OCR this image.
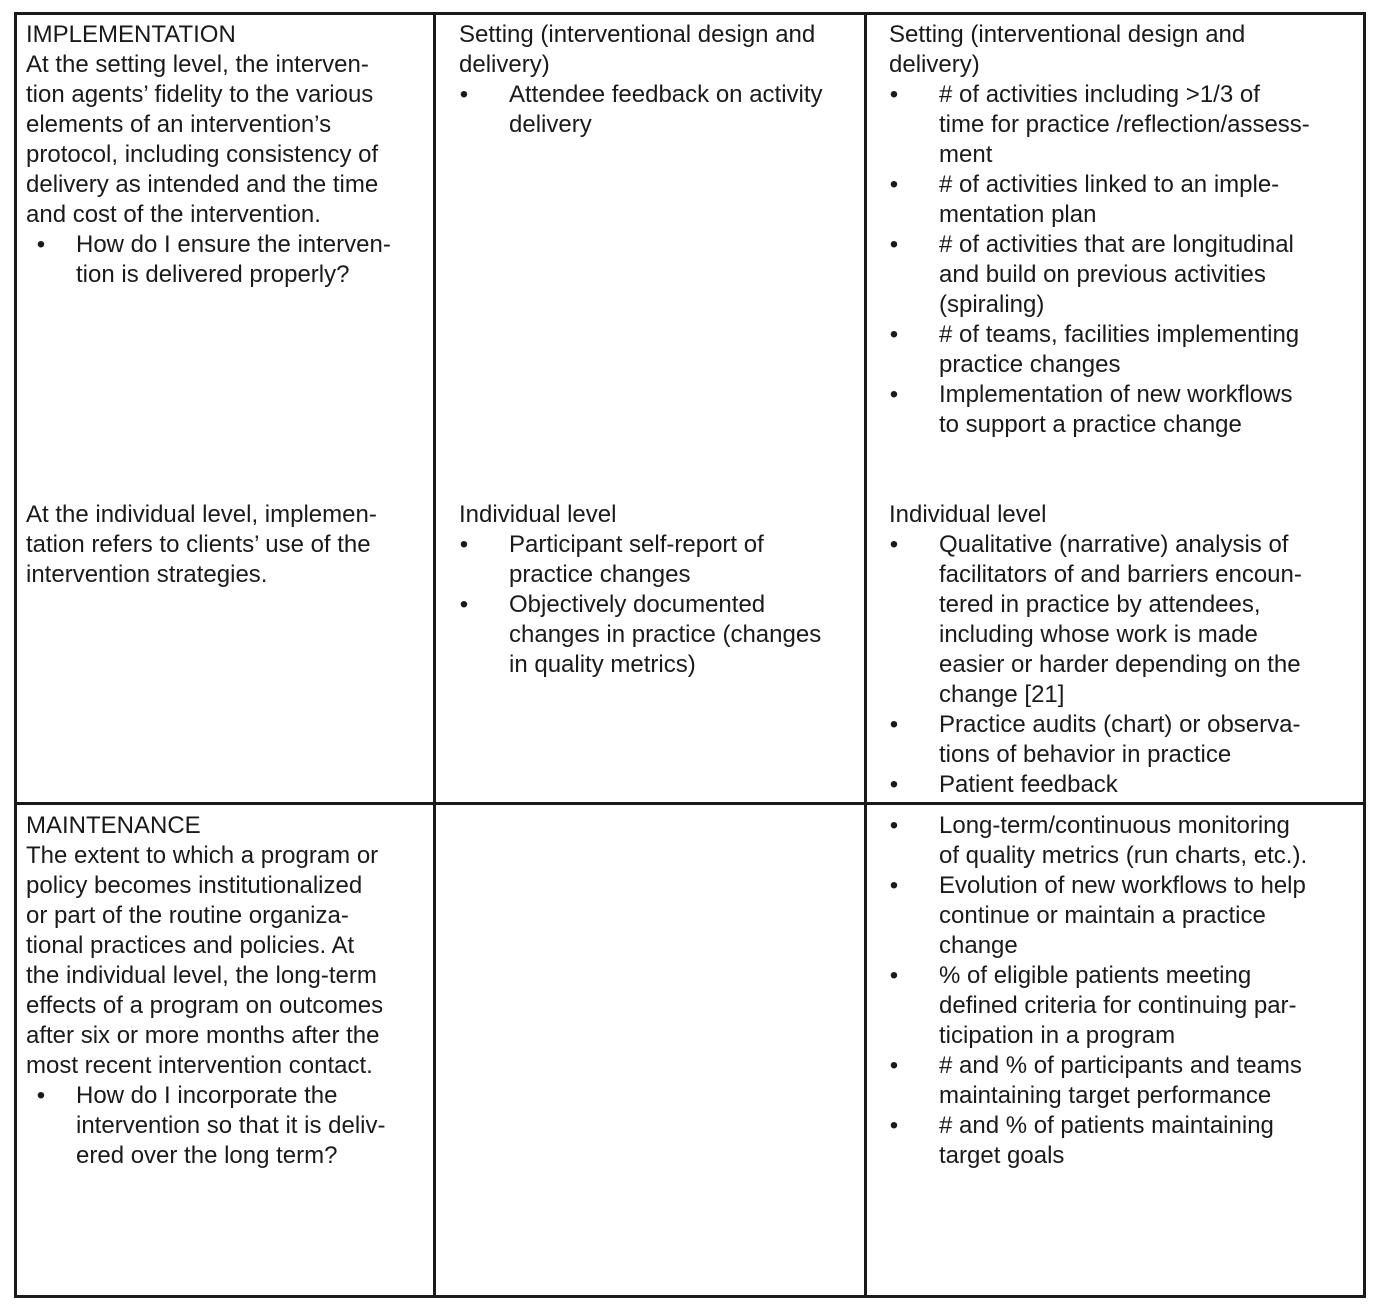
IMPLEMENTATION

At the setting level, the interven-

tion agents’ fidelity to the various

elements of an intervention’s

protocol, including consistency of

delivery as intended and the time

and cost of the intervention.

• How do I ensure the interven-

tion is delivered properly?

At the individual level, implemen-

tation refers to clients’ use of the

intervention strategies.

Setting (interventional design and

delivery)

• Attendee feedback on activity

delivery

Individual level

• Participant self-report of

practice changes

• Objectively documented

changes in practice (changes

in quality metrics)

Setting (interventional design and

delivery)

• # of activities including >1/3 of

time for practice /reflection/assess-

ment

• # of activities linked to an imple-

mentation plan

• # of activities that are longitudinal

and build on previous activities

(spiraling)

• # of teams, facilities implementing

practice changes

• Implementation of new workflows

to support a practice change

Individual level

• Qualitative (narrative) analysis of

facilitators of and barriers encoun-

tered in practice by attendees,

including whose work is made

easier or harder depending on the

change [21]

• Practice audits (chart) or observa-

tions of behavior in practice

• Patient feedback

MAINTENANCE

The extent to which a program or

policy becomes institutionalized

or part of the routine organiza-

tional practices and policies. At

the individual level, the long-term

effects of a program on outcomes

after six or more months after the

most recent intervention contact.

• How do I incorporate the

intervention so that it is deliv-

ered over the long term?

• Long-term/continuous monitoring

of quality metrics (run charts, etc.).

• Evolution of new workflows to help

continue or maintain a practice

change

• % of eligible patients meeting

defined criteria for continuing par-

ticipation in a program

• # and % of participants and teams

maintaining target performance

• # and % of patients maintaining

target goals
